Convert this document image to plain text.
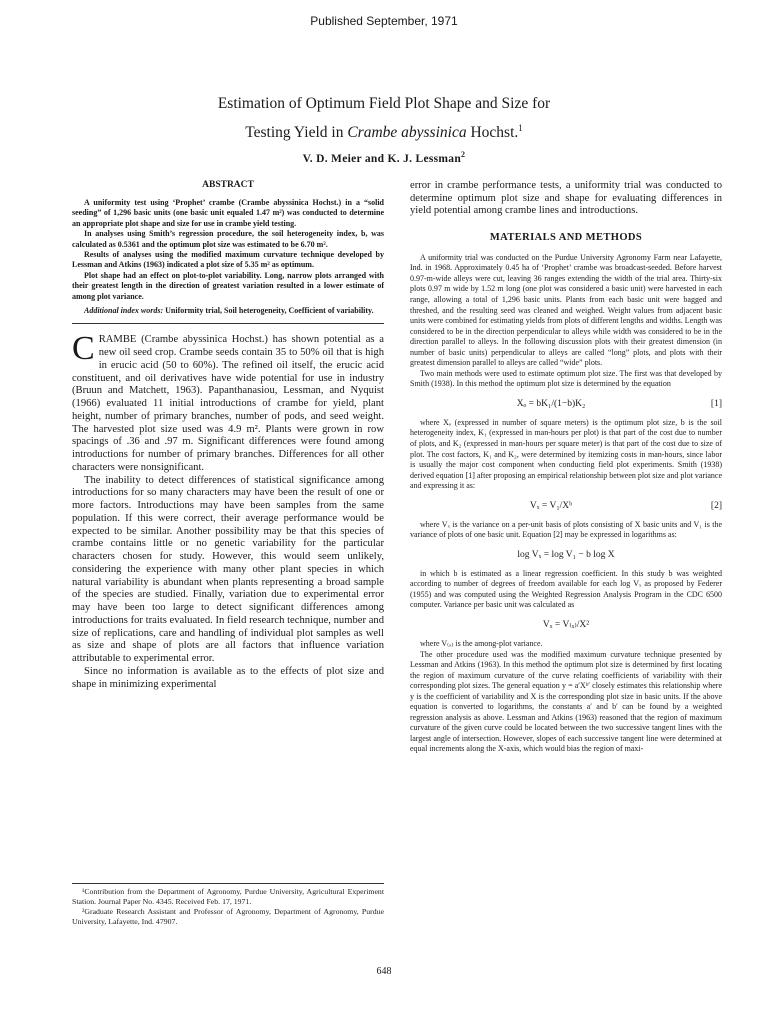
Published September, 1971
Estimation of Optimum Field Plot Shape and Size for
Testing Yield in Crambe abyssinica Hochst.$^1$
V. D. Meier and K. J. Lessman$^2$
ABSTRACT

A uniformity test using ‘Prophet’ crambe (Crambe abyssinica Hochst.) in a “solid seeding” of 1,296 basic units (one basic unit equaled 1.47 m²) was conducted to determine an appropriate plot shape and size for use in crambe yield testing.

In analyses using Smith’s regression procedure, the soil heterogeneity index, b, was calculated as 0.5361 and the optimum plot size was estimated to be 6.70 m².

Results of analyses using the modified maximum curvature technique developed by Lessman and Atkins (1963) indicated a plot size of 5.35 m² as optimum.

Plot shape had an effect on plot-to-plot variability. Long, narrow plots arranged with their greatest length in the direction of greatest variation resulted in a lower estimate of among plot variance.

Additional index words: Uniformity trial, Soil heterogeneity, Coefficient of variability.

CRAMBE (Crambe abyssinica Hochst.) has shown potential as a new oil seed crop. Crambe seeds contain 35 to 50% oil that is high in erucic acid (50 to 60%). The refined oil itself, the erucic acid constituent, and oil derivatives have wide potential for use in industry (Bruun and Matchett, 1963). Papanthanasiou, Lessman, and Nyquist (1966) evaluated 11 initial introductions of crambe for yield, plant height, number of primary branches, number of pods, and seed weight. The harvested plot size used was 4.9 m². Plants were grown in row spacings of .36 and .97 m. Significant differences were found among introductions for number of primary branches. Differences for all other characters were nonsignificant.

The inability to detect differences of statistical significance among introductions for so many characters may have been the result of one or more factors. Introductions may have been samples from the same population. If this were correct, their average performance would be expected to be similar. Another possibility may be that this species of crambe contains little or no genetic variability for the particular characters chosen for study. However, this would seem unlikely, considering the experience with many other plant species in which natural variability is abundant when plants representing a broad sample of the species are studied. Finally, variation due to experimental error may have been too large to detect significant differences among introductions for traits evaluated. In field research technique, number and size of replications, care and handling of individual plot samples as well as size and shape of plots are all factors that influence variation attributable to experimental error.

Since no information is available as to the effects of plot size and shape in minimizing experimental

¹Contribution from the Department of Agronomy, Purdue University, Agricultural Experiment Station. Journal Paper No. 4345. Received Feb. 17, 1971.

²Graduate Research Assistant and Professor of Agronomy, Department of Agronomy, Purdue University, Lafayette, Ind. 47907.

error in crambe performance tests, a uniformity trial was conducted to determine optimum plot size and shape for evaluating differences in yield potential among crambe lines and introductions.

MATERIALS AND METHODS

A uniformity trial was conducted on the Purdue University Agronomy Farm near Lafayette, Ind. in 1968. Approximately 0.45 ha of ‘Prophet’ crambe was broadcast-seeded. Before harvest 0.97-m-wide alleys were cut, leaving 36 ranges extending the width of the trial area. Thirty-six plots 0.97 m wide by 1.52 m long (one plot was considered a basic unit) were harvested in each range, allowing a total of 1,296 basic units. Plants from each basic unit were bagged and threshed, and the resulting seed was cleaned and weighed. Weight values from adjacent basic units were combined for estimating yields from plots of different lengths and widths. Length was considered to be in the direction perpendicular to alleys while width was considered to be in the direction parallel to alleys. In the following discussion plots with their greatest dimension (in number of basic units) perpendicular to alleys are called “long” plots, and plots with their greatest dimension parallel to alleys are called “wide” plots.

Two main methods were used to estimate optimum plot size. The first was that developed by Smith (1938). In this method the optimum plot size is determined by the equation

Xₒ = bK₁/(1−b)K₂	[1]

where Xₒ (expressed in number of square meters) is the optimum plot size, b is the soil heterogeneity index, K₁ (expressed in man-hours per plot) is that part of the cost due to number of plots, and K₂ (expressed in man-hours per square meter) is that part of the cost due to size of plot. The cost factors, K₁ and K₂, were determined by itemizing costs in man-hours, since labor is usually the major cost component when conducting field plot experiments. Smith (1938) derived equation [1] after proposing an empirical relationship between plot size and plot variance and expressing it as:

Vₓ = V₁/Xᵇ	[2]

where Vₓ is the variance on a per-unit basis of plots consisting of X basic units and V₁ is the variance of plots of one basic unit. Equation [2] may be expressed in logarithms as:

log Vₓ = log V₁ − b log X

in which b is estimated as a linear regression coefficient. In this study b was weighted according to number of degrees of freedom available for each log Vₓ as proposed by Federer (1955) and was computed using the Weighted Regression Analysis Program in the CDC 6500 computer. Variance per basic unit was calculated as

Vₓ = V₍ₓ₎/X²

where V₍ₓ₎ is the among-plot variance.

The other procedure used was the modified maximum curvature technique presented by Lessman and Atkins (1963). In this method the optimum plot size is determined by first locating the region of maximum curvature of the curve relating coefficients of variability with their corresponding plot sizes. The general equation y = a′Xᵇ′ closely estimates this relationship where y is the coefficient of variability and X is the corresponding plot size in basic units. If the above equation is converted to logarithms, the constants a′ and b′ can be found by a weighted regression analysis as above. Lessman and Atkins (1963) reasoned that the region of maximum curvature of the given curve could be located between the two successive tangent lines with the largest angle of intersection. However, slopes of each successive tangent line were determined at equal increments along the X-axis, which would bias the region of maxi-

648
